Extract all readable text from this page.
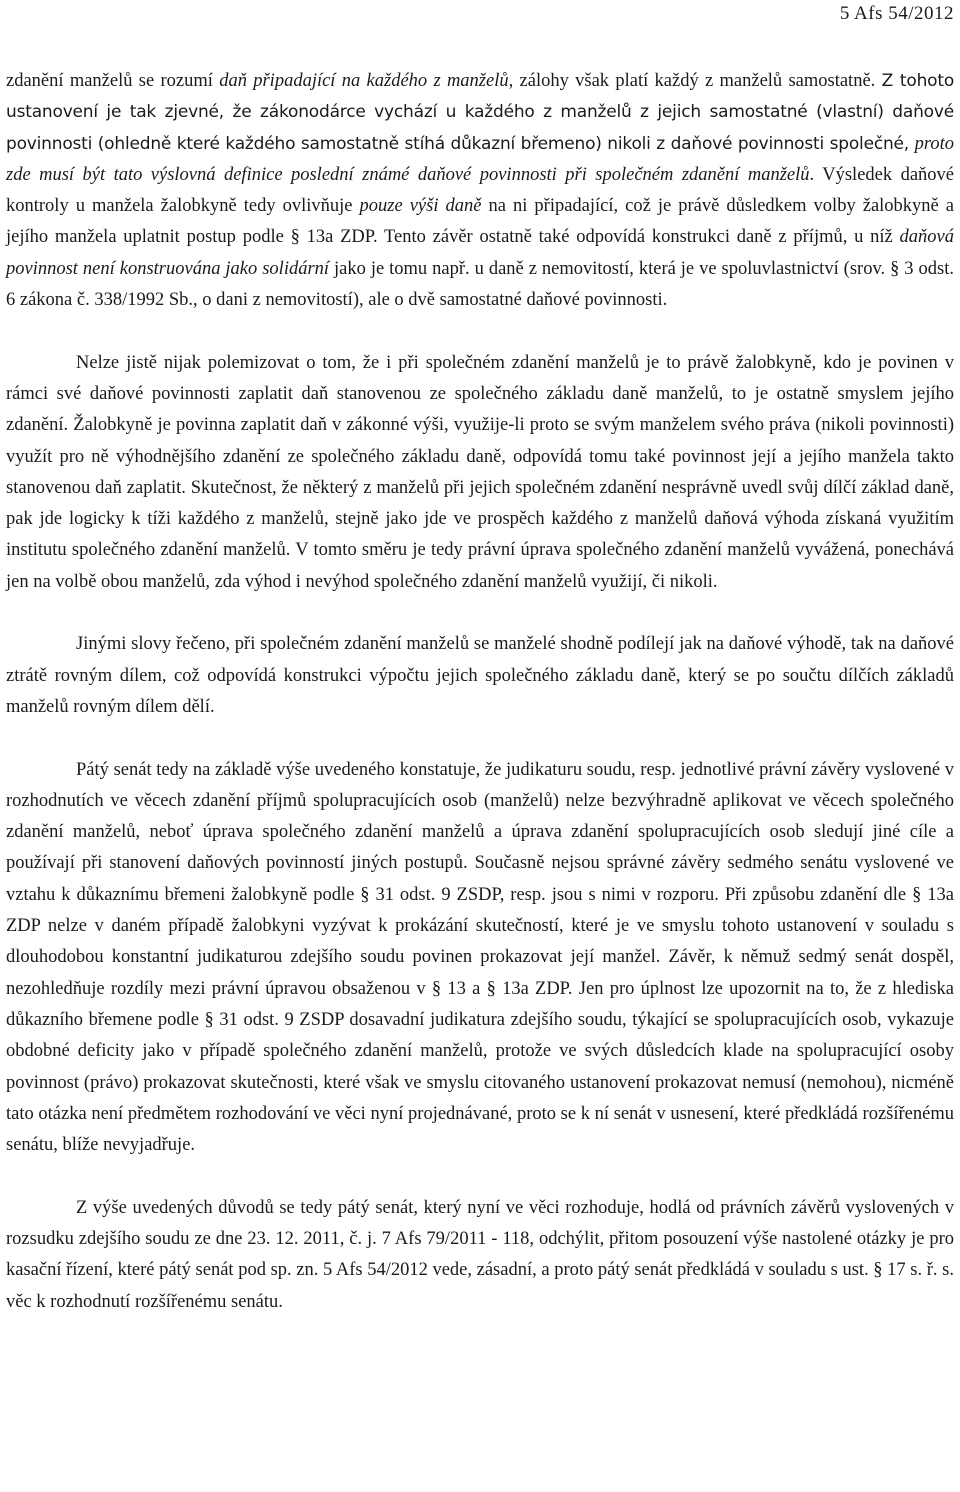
5 Afs 54/2012

zdanění manželů se rozumí daň připadající na každého z manželů, zálohy však platí každý z manželů samostatně. Z tohoto ustanovení je tak zjevné, že zákonodárce vychází u každého z manželů z jejich samostatné (vlastní) daňové povinnosti (ohledně které každého samostatně stíhá důkazní břemeno) nikoli z daňové povinnosti společné, proto zde musí být tato výslovná definice poslední známé daňové povinnosti při společném zdanění manželů. Výsledek daňové kontroly u manžela žalobkyně tedy ovlivňuje pouze výši daně na ni připadající, což je právě důsledkem volby žalobkyně a jejího manžela uplatnit postup podle § 13a ZDP. Tento závěr ostatně také odpovídá konstrukci daně z příjmů, u níž daňová povinnost není konstruována jako solidární jako je tomu např. u daně z nemovitostí, která je ve spoluvlastnictví (srov. § 3 odst. 6 zákona č. 338/1992 Sb., o dani z nemovitostí), ale o dvě samostatné daňové povinnosti.

Nelze jistě nijak polemizovat o tom, že i při společném zdanění manželů je to právě žalobkyně, kdo je povinen v rámci své daňové povinnosti zaplatit daň stanovenou ze společného základu daně manželů, to je ostatně smyslem jejího zdanění. Žalobkyně je povinna zaplatit daň v zákonné výši, využije-li proto se svým manželem svého práva (nikoli povinnosti) využít pro ně výhodnějšího zdanění ze společného základu daně, odpovídá tomu také povinnost její a jejího manžela takto stanovenou daň zaplatit. Skutečnost, že některý z manželů při jejich společném zdanění nesprávně uvedl svůj dílčí základ daně, pak jde logicky k tíži každého z manželů, stejně jako jde ve prospěch každého z manželů daňová výhoda získaná využitím institutu společného zdanění manželů. V tomto směru je tedy právní úprava společného zdanění manželů vyvážená, ponechává jen na volbě obou manželů, zda výhod i nevýhod společného zdanění manželů využijí, či nikoli.

Jinými slovy řečeno, při společném zdanění manželů se manželé shodně podílejí jak na daňové výhodě, tak na daňové ztrátě rovným dílem, což odpovídá konstrukci výpočtu jejich společného základu daně, který se po součtu dílčích základů manželů rovným dílem dělí.

Pátý senát tedy na základě výše uvedeného konstatuje, že judikaturu soudu, resp. jednotlivé právní závěry vyslovené v rozhodnutích ve věcech zdanění příjmů spolupracujících osob (manželů) nelze bezvýhradně aplikovat ve věcech společného zdanění manželů, neboť úprava společného zdanění manželů a úprava zdanění spolupracujících osob sledují jiné cíle a používají při stanovení daňových povinností jiných postupů. Současně nejsou správné závěry sedmého senátu vyslovené ve vztahu k důkaznímu břemeni žalobkyně podle § 31 odst. 9 ZSDP, resp. jsou s nimi v rozporu. Při způsobu zdanění dle § 13a ZDP nelze v daném případě žalobkyni vyzývat k prokázání skutečností, které je ve smyslu tohoto ustanovení v souladu s dlouhodobou konstantní judikaturou zdejšího soudu povinen prokazovat její manžel. Závěr, k němuž sedmý senát dospěl, nezohledňuje rozdíly mezi právní úpravou obsaženou v § 13 a § 13a ZDP. Jen pro úplnost lze upozornit na to, že z hlediska důkazního břemene podle § 31 odst. 9 ZSDP dosavadní judikatura zdejšího soudu, týkající se spolupracujících osob, vykazuje obdobné deficity jako v případě společného zdanění manželů, protože ve svých důsledcích klade na spolupracující osoby povinnost (právo) prokazovat skutečnosti, které však ve smyslu citovaného ustanovení prokazovat nemusí (nemohou), nicméně tato otázka není předmětem rozhodování ve věci nyní projednávané, proto se k ní senát v usnesení, které předkládá rozšířenému senátu, blíže nevyjadřuje.

Z výše uvedených důvodů se tedy pátý senát, který nyní ve věci rozhoduje, hodlá od právních závěrů vyslovených v rozsudku zdejšího soudu ze dne 23. 12. 2011, č. j. 7 Afs 79/2011 - 118, odchýlit, přitom posouzení výše nastolené otázky je pro kasační řízení, které pátý senát pod sp. zn. 5 Afs 54/2012 vede, zásadní, a proto pátý senát předkládá v souladu s ust. § 17 s. ř. s. věc k rozhodnutí rozšířenému senátu.
